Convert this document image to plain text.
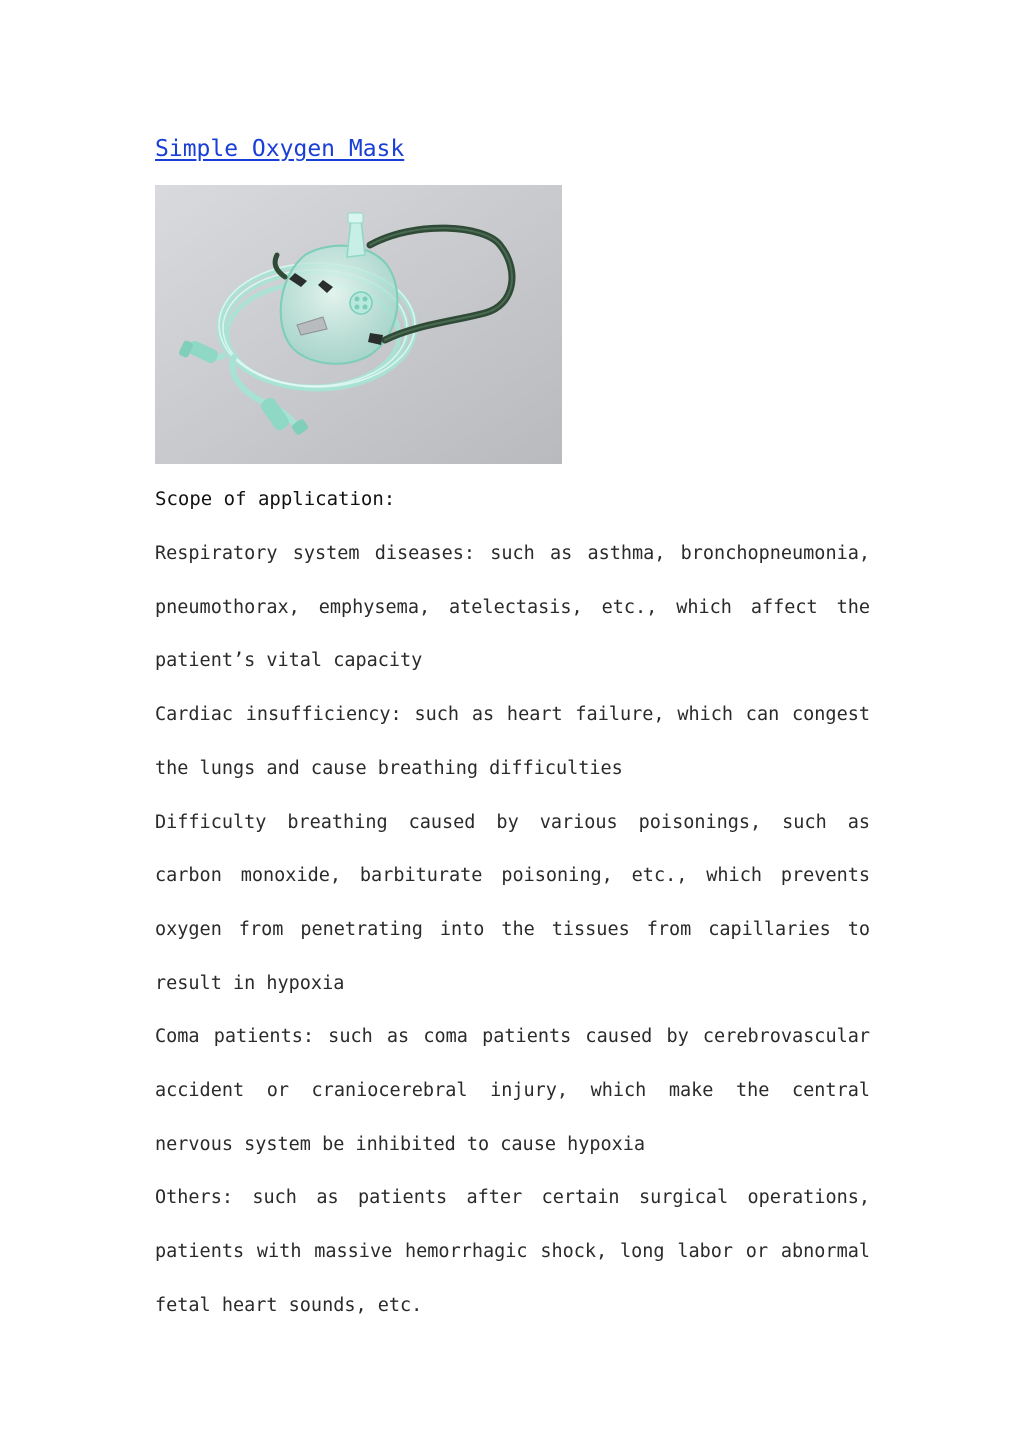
Simple Oxygen Mask
Scope of application:

Respiratory system diseases: such as asthma, bronchopneumonia, pneumothorax, emphysema, atelectasis, etc., which affect the patient’s vital capacity

Cardiac insufficiency: such as heart failure, which can congest the lungs and cause breathing difficulties

Difficulty breathing caused by various poisonings, such as carbon monoxide, barbiturate poisoning, etc., which prevents oxygen from penetrating into the tissues from capillaries to result in hypoxia

Coma patients: such as coma patients caused by cerebrovascular accident or craniocerebral injury, which make the central nervous system be inhibited to cause hypoxia

Others: such as patients after certain surgical operations, patients with massive hemorrhagic shock, long labor or abnormal fetal heart sounds, etc.
